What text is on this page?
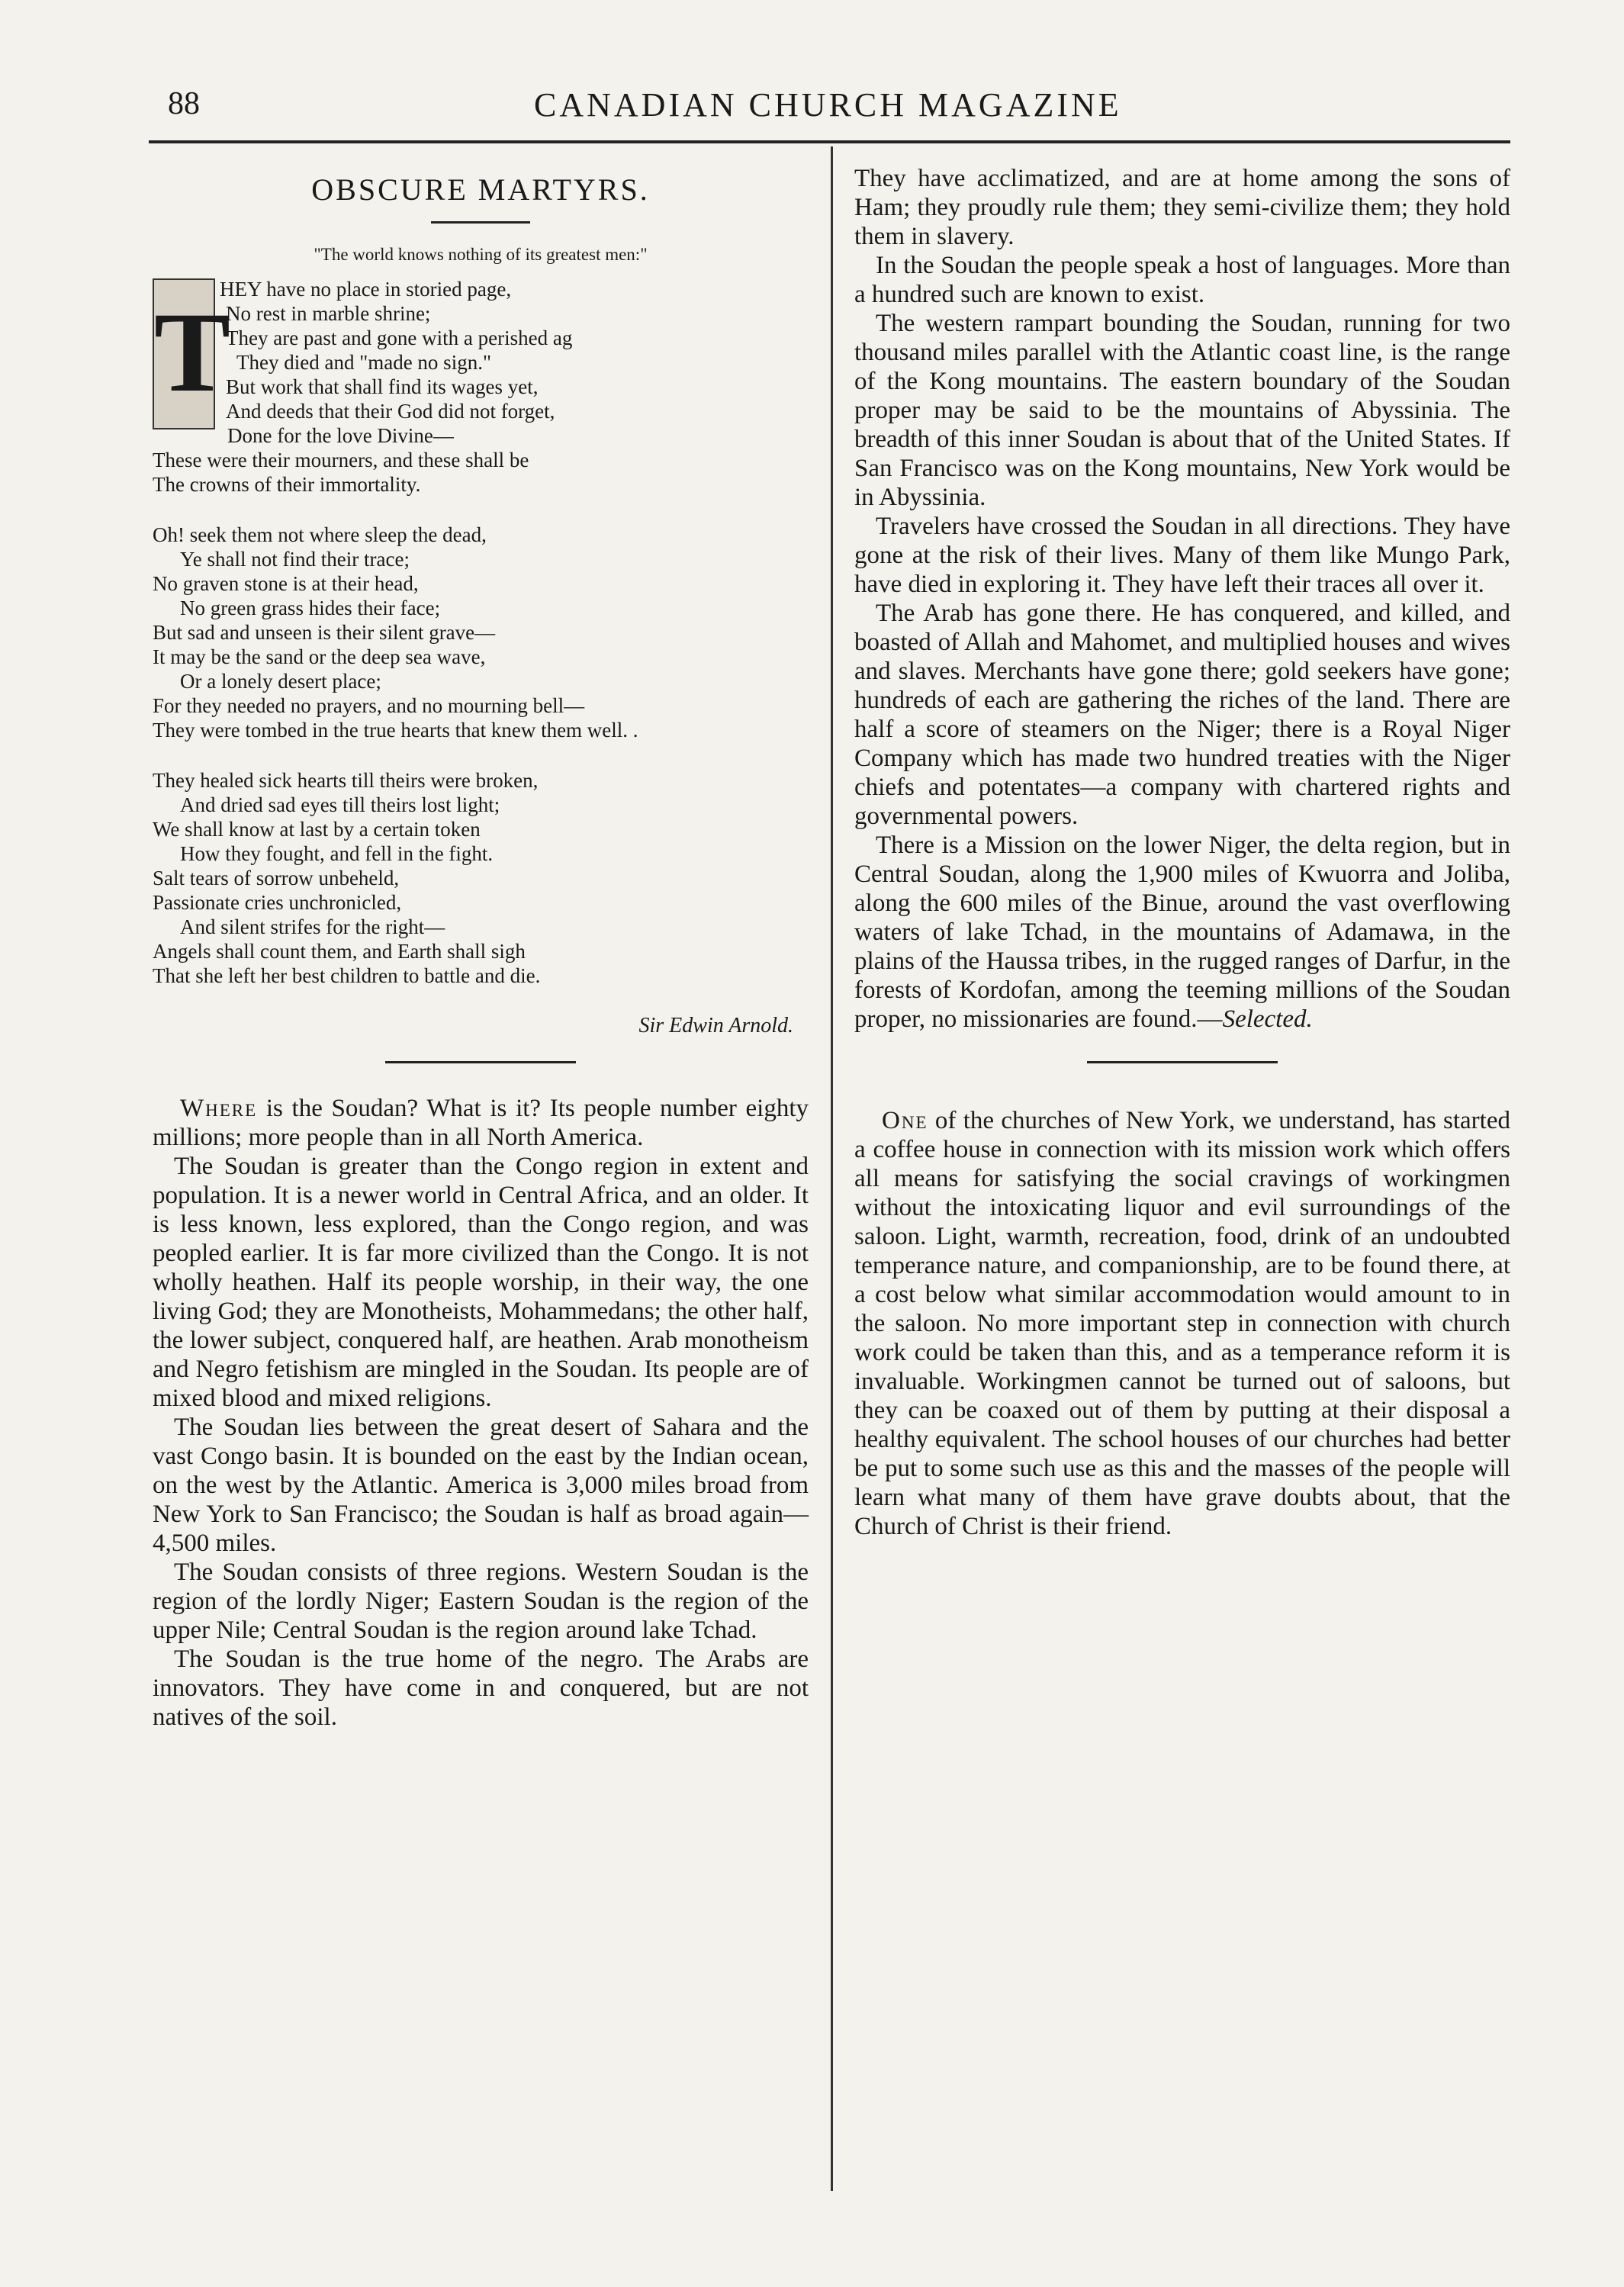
88	CANADIAN CHURCH MAGAZINE
OBSCURE MARTYRS.
"The world knows nothing of its greatest men:"
T
HEY have no place in storied page,
No rest in marble shrine;
They are past and gone with a perished ag
They died and "made no sign."
But work that shall find its wages yet,
And deeds that their God did not forget,
Done for the love Divine—
These were their mourners, and these shall be
The crowns of their immortality.
Oh! seek them not where sleep the dead,
Ye shall not find their trace;
No graven stone is at their head,
No green grass hides their face;
But sad and unseen is their silent grave—
It may be the sand or the deep sea wave,
Or a lonely desert place;
For they needed no prayers, and no mourning bell—
They were tombed in the true hearts that knew them well. .
They healed sick hearts till theirs were broken,
And dried sad eyes till theirs lost light;
We shall know at last by a certain token
How they fought, and fell in the fight.
Salt tears of sorrow unbeheld,
Passionate cries unchronicled,
And silent strifes for the right—
Angels shall count them, and Earth shall sigh
That she left her best children to battle and die.
Sir Edwin Arnold.

Where is the Soudan? What is it? Its people number eighty millions; more people than in all North America.

The Soudan is greater than the Congo region in extent and population. It is a newer world in Central Africa, and an older. It is less known, less explored, than the Congo region, and was peopled earlier. It is far more civilized than the Congo. It is not wholly heathen. Half its people worship, in their way, the one living God; they are Monotheists, Mohammedans; the other half, the lower subject, conquered half, are heathen. Arab monotheism and Negro fetishism are mingled in the Soudan. Its people are of mixed blood and mixed religions.

The Soudan lies between the great desert of Sahara and the vast Congo basin. It is bounded on the east by the Indian ocean, on the west by the Atlantic. America is 3,000 miles broad from New York to San Francisco; the Soudan is half as broad again—4,500 miles.

The Soudan consists of three regions. Western Soudan is the region of the lordly Niger; Eastern Soudan is the region of the upper Nile; Central Soudan is the region around lake Tchad.

The Soudan is the true home of the negro. The Arabs are innovators. They have come in and conquered, but are not natives of the soil.

They have acclimatized, and are at home among the sons of Ham; they proudly rule them; they semi-civilize them; they hold them in slavery.

In the Soudan the people speak a host of languages. More than a hundred such are known to exist.

The western rampart bounding the Soudan, running for two thousand miles parallel with the Atlantic coast line, is the range of the Kong mountains. The eastern boundary of the Soudan proper may be said to be the mountains of Abyssinia. The breadth of this inner Soudan is about that of the United States. If San Francisco was on the Kong mountains, New York would be in Abyssinia.

Travelers have crossed the Soudan in all directions. They have gone at the risk of their lives. Many of them like Mungo Park, have died in exploring it. They have left their traces all over it.

The Arab has gone there. He has conquered, and killed, and boasted of Allah and Mahomet, and multiplied houses and wives and slaves. Merchants have gone there; gold seekers have gone; hundreds of each are gathering the riches of the land. There are half a score of steamers on the Niger; there is a Royal Niger Company which has made two hundred treaties with the Niger chiefs and potentates—a company with chartered rights and governmental powers.

There is a Mission on the lower Niger, the delta region, but in Central Soudan, along the 1,900 miles of Kwuorra and Joliba, along the 600 miles of the Binue, around the vast overflowing waters of lake Tchad, in the mountains of Adamawa, in the plains of the Haussa tribes, in the rugged ranges of Darfur, in the forests of Kordofan, among the teeming millions of the Soudan proper, no missionaries are found.—Selected.

One of the churches of New York, we understand, has started a coffee house in connection with its mission work which offers all means for satisfying the social cravings of workingmen without the intoxicating liquor and evil surroundings of the saloon. Light, warmth, recreation, food, drink of an undoubted temperance nature, and companionship, are to be found there, at a cost below what similar accommodation would amount to in the saloon. No more important step in connection with church work could be taken than this, and as a temperance reform it is invaluable. Workingmen cannot be turned out of saloons, but they can be coaxed out of them by putting at their disposal a healthy equivalent. The school houses of our churches had better be put to some such use as this and the masses of the people will learn what many of them have grave doubts about, that the Church of Christ is their friend.
